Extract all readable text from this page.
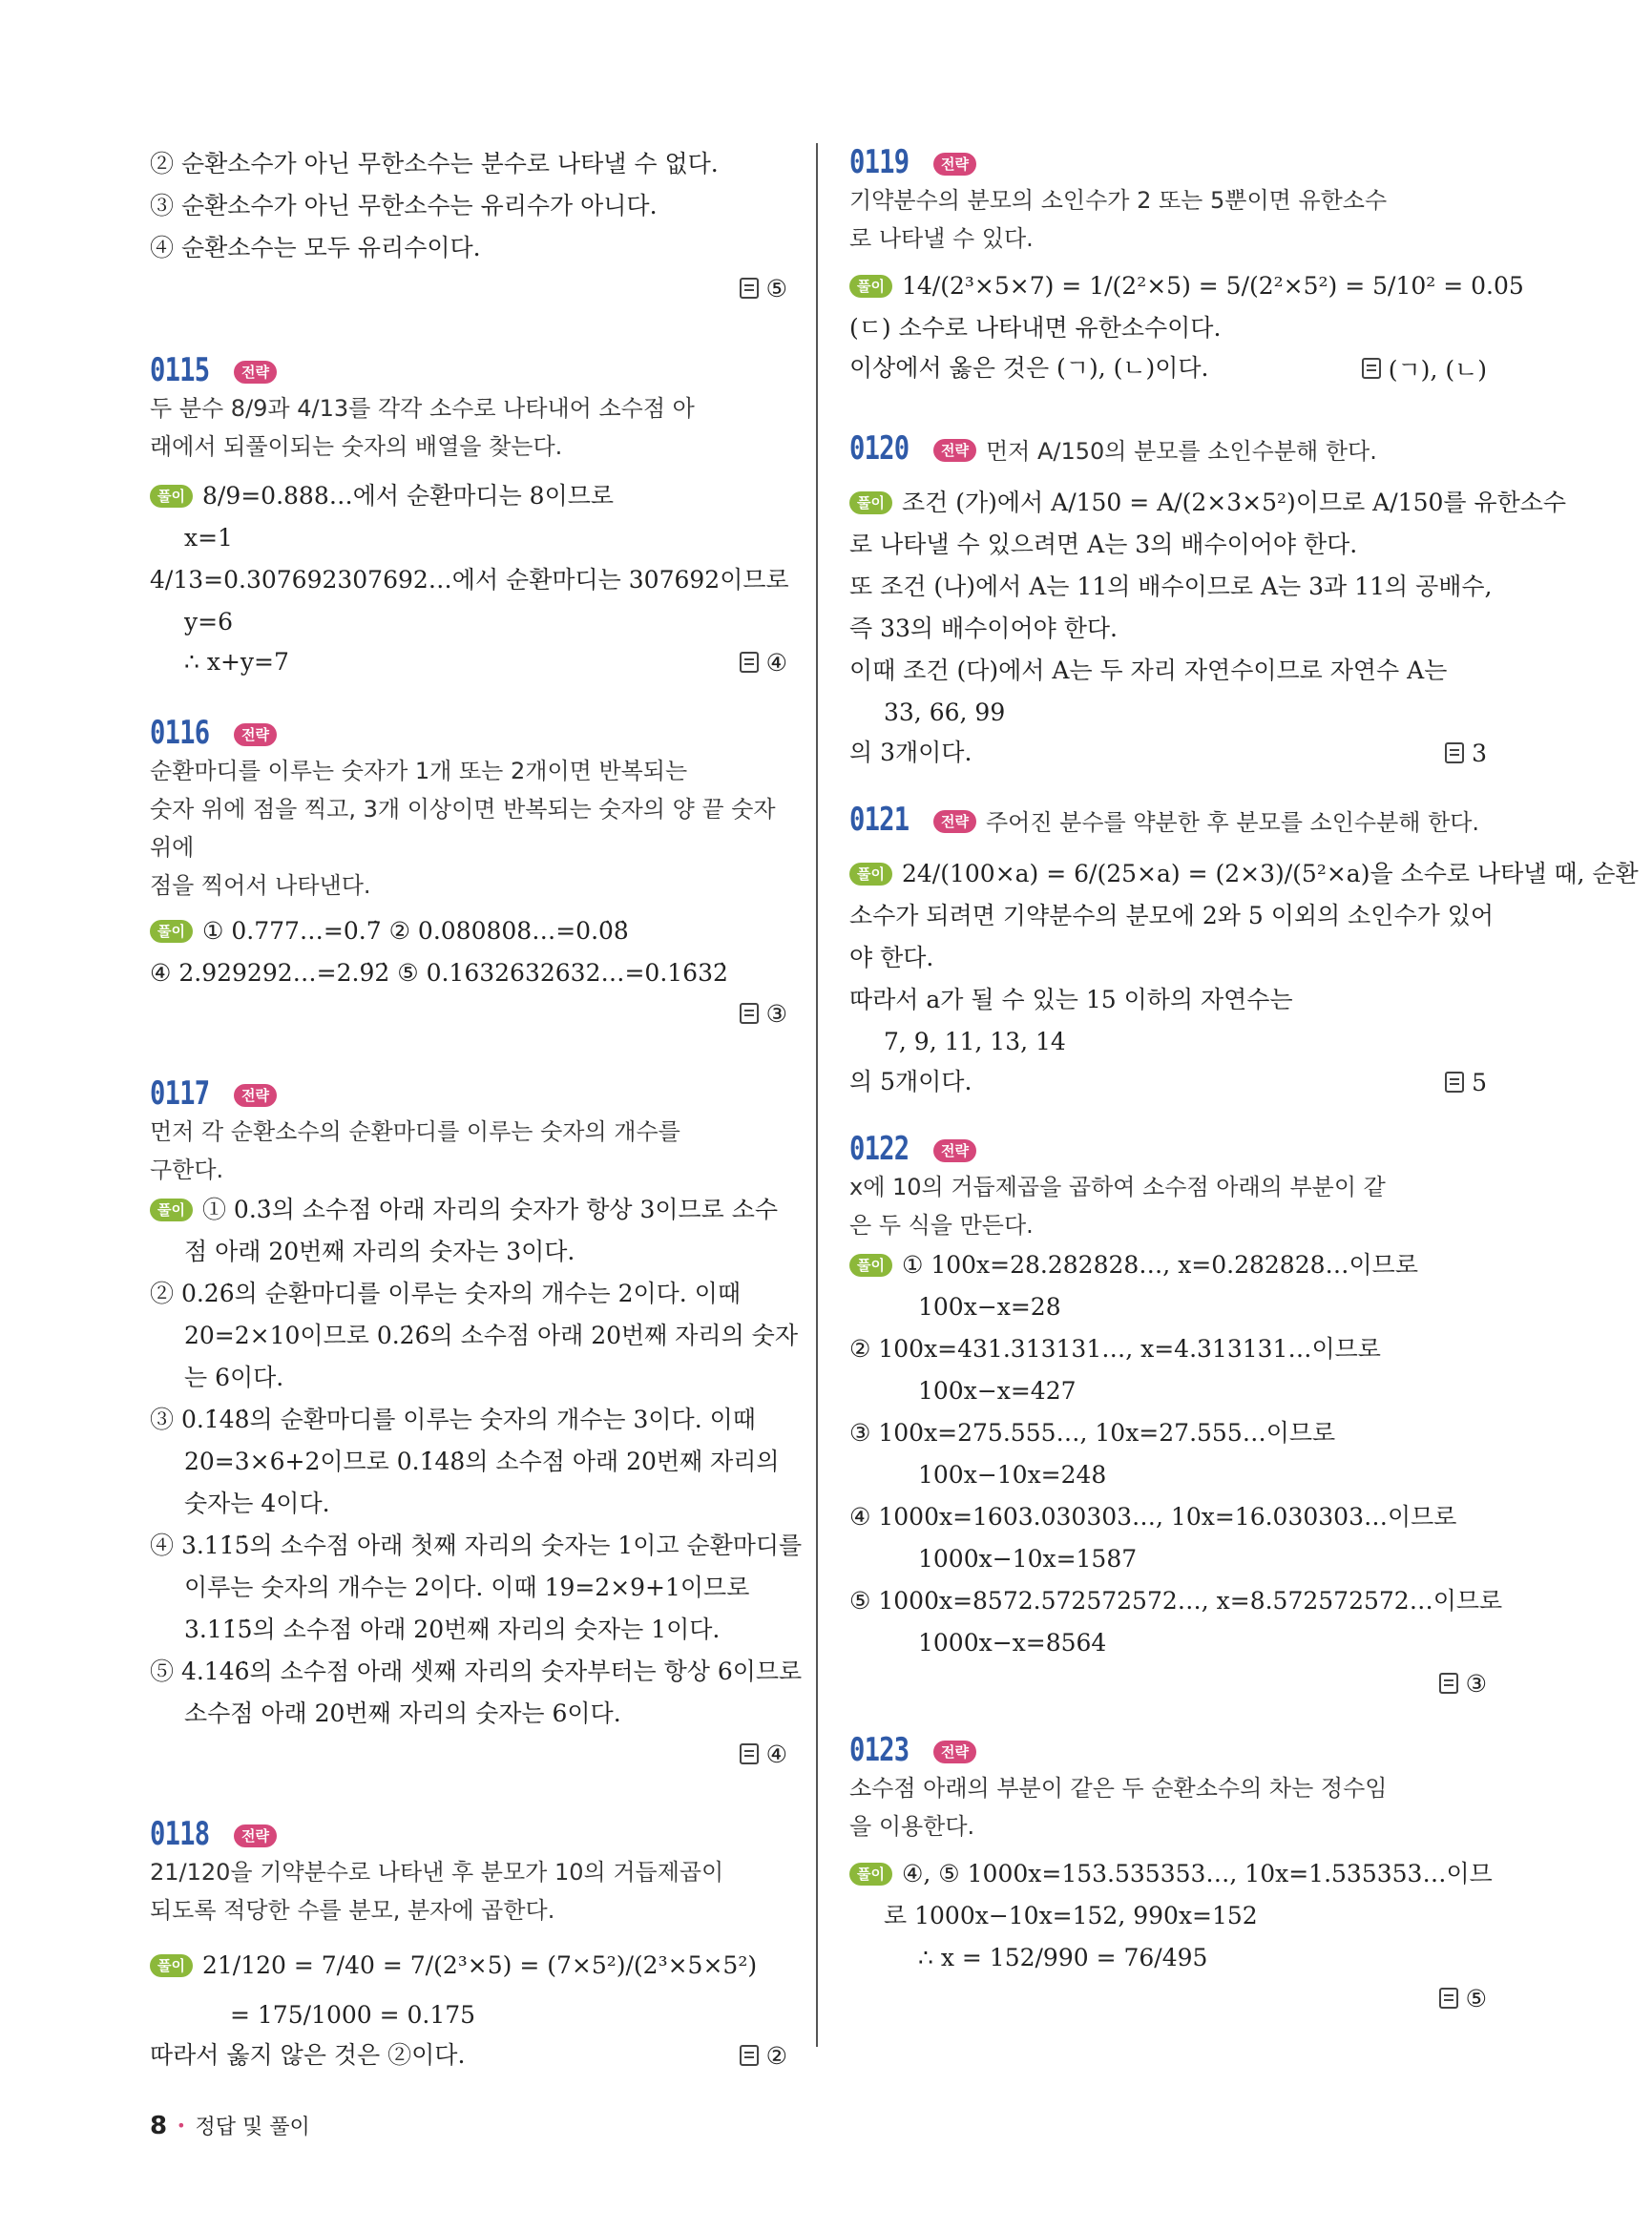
② 순환소수가 아닌 무한소수는 분수로 나타낼 수 없다.
③ 순환소수가 아닌 무한소수는 유리수가 아니다.
④ 순환소수는 모두 유리수이다.
⑤
0115	전략
두 분수 8/9과 4/13를 각각 소수로 나타내어 소수점 아
래에서 되풀이되는 숫자의 배열을 찾는다.
풀이 8/9=0.888…에서 순환마디는 8이므로
x=1
4/13=0.307692307692…에서 순환마디는 307692이므로
y=6
∴ x+y=7	④
0116	전략
순환마디를 이루는 숫자가 1개 또는 2개이면 반복되는
숫자 위에 점을 찍고, 3개 이상이면 반복되는 숫자의 양 끝 숫자 위에
점을 찍어서 나타낸다.
풀이 ① 0.777…=0.7̇ ② 0.080808…=0.0̇8̇
④ 2.929292…=2.9̇2̇ ⑤ 0.1632632632…=0.16̇32̇
③
0117	전략
먼저 각 순환소수의 순환마디를 이루는 숫자의 개수를
구한다.
풀이 ① 0.3̇의 소수점 아래 자리의 숫자가 항상 3이므로 소수
점 아래 20번째 자리의 숫자는 3이다.
② 0.2̇6̇의 순환마디를 이루는 숫자의 개수는 2이다. 이때
20=2×10이므로 0.2̇6̇의 소수점 아래 20번째 자리의 숫자
는 6이다.
③ 0.1̇48̇의 순환마디를 이루는 숫자의 개수는 3이다. 이때
20=3×6+2이므로 0.1̇48̇의 소수점 아래 20번째 자리의
숫자는 4이다.
④ 3.11̇5̇의 소수점 아래 첫째 자리의 숫자는 1이고 순환마디를
이루는 숫자의 개수는 2이다. 이때 19=2×9+1이므로
3.11̇5̇의 소수점 아래 20번째 자리의 숫자는 1이다.
⑤ 4.146̇의 소수점 아래 셋째 자리의 숫자부터는 항상 6이므로
소수점 아래 20번째 자리의 숫자는 6이다.
④
0118	전략
21/120을 기약분수로 나타낸 후 분모가 10의 거듭제곱이
되도록 적당한 수를 분모, 분자에 곱한다.
풀이 21/120 = 7/40 = 7/(2³×5) = (7×5²)/(2³×5×5²)
= 175/1000 = 0.175
따라서 옳지 않은 것은 ②이다.	②
0119	전략
기약분수의 분모의 소인수가 2 또는 5뿐이면 유한소수
로 나타낼 수 있다.
풀이 14/(2³×5×7) = 1/(2²×5) = 5/(2²×5²) = 5/10² = 0.05
(ㄷ) 소수로 나타내면 유한소수이다.
이상에서 옳은 것은 (ㄱ), (ㄴ)이다.	(ㄱ), (ㄴ)
0120	전략 먼저 A/150의 분모를 소인수분해 한다.
풀이 조건 (가)에서 A/150 = A/(2×3×5²)이므로 A/150를 유한소수
로 나타낼 수 있으려면 A는 3의 배수이어야 한다.
또 조건 (나)에서 A는 11의 배수이므로 A는 3과 11의 공배수,
즉 33의 배수이어야 한다.
이때 조건 (다)에서 A는 두 자리 자연수이므로 자연수 A는
33, 66, 99
의 3개이다.	3
0121	전략 주어진 분수를 약분한 후 분모를 소인수분해 한다.
풀이 24/(100×a) = 6/(25×a) = (2×3)/(5²×a)을 소수로 나타낼 때, 순환
소수가 되려면 기약분수의 분모에 2와 5 이외의 소인수가 있어
야 한다.
따라서 a가 될 수 있는 15 이하의 자연수는
7, 9, 11, 13, 14
의 5개이다.	5
0122	전략
x에 10의 거듭제곱을 곱하여 소수점 아래의 부분이 같
은 두 식을 만든다.
풀이 ① 100x=28.282828…, x=0.282828…이므로
100x−x=28
② 100x=431.313131…, x=4.313131…이므로
100x−x=427
③ 100x=275.555…, 10x=27.555…이므로
100x−10x=248
④ 1000x=1603.030303…, 10x=16.030303…이므로
1000x−10x=1587
⑤ 1000x=8572.572572572…, x=8.572572572…이므로
1000x−x=8564
③
0123	전략
소수점 아래의 부분이 같은 두 순환소수의 차는 정수임
을 이용한다.
풀이 ④, ⑤ 1000x=153.535353…, 10x=1.535353…이므
로 1000x−10x=152, 990x=152
∴ x = 152/990 = 76/495
⑤
8 • 정답 및 풀이
